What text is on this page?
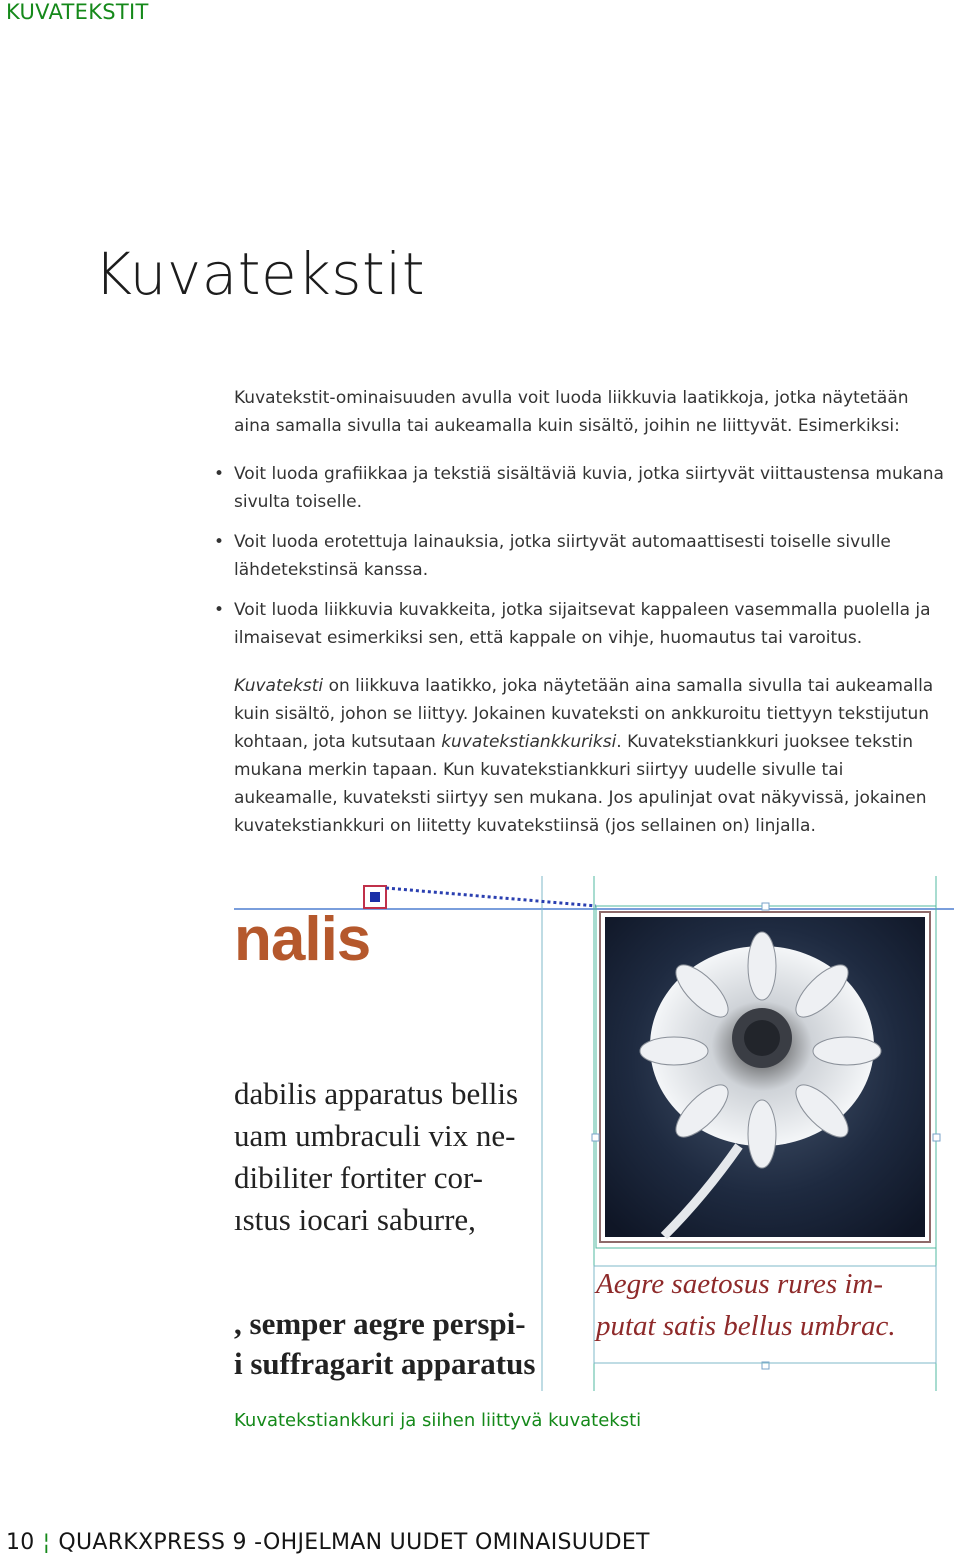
KUVATEKSTIT
Kuvatekstit
Kuvatekstit-ominaisuuden avulla voit luoda liikkuvia laatikkoja, jotka näytetään aina samalla sivulla tai aukeamalla kuin sisältö, joihin ne liittyvät. Esimerkiksi:
• Voit luoda grafiikkaa ja tekstiä sisältäviä kuvia, jotka siirtyvät viittaustensa mukana sivulta toiselle.
• Voit luoda erotettuja lainauksia, jotka siirtyvät automaattisesti toiselle sivulle lähdetekstinsä kanssa.
• Voit luoda liikkuvia kuvakkeita, jotka sijaitsevat kappaleen vasemmalla puolella ja ilmaisevat esimerkiksi sen, että kappale on vihje, huomautus tai varoitus.
Kuvateksti on liikkuva laatikko, joka näytetään aina samalla sivulla tai aukeamalla kuin sisältö, johon se liittyy. Jokainen kuvateksti on ankkuroitu tiettyyn tekstijutun kohtaan, jota kutsutaan kuvatekstiankkuriksi. Kuvatekstiankkuri juoksee tekstin mukana merkin tapaan. Kun kuvatekstiankkuri siirtyy uudelle sivulle tai aukeamalle, kuvateksti siirtyy sen mukana. Jos apulinjat ovat näkyvissä, jokainen kuvatekstiankkuri on liitetty kuvatekstiinsä (jos sellainen on) linjalla.
nalis
dabilis apparatus bellis
uam umbraculi vix ne-
dibiliter fortiter cor-
ıstus iocari saburre,
, semper aegre perspi-
i suffragarit apparatus
Aegre saetosus rures im-
putat satis bellus umbrac.
Kuvatekstiankkuri ja siihen liittyvä kuvateksti
10 ¦ QUARKXPRESS 9 -OHJELMAN UUDET OMINAISUUDET
